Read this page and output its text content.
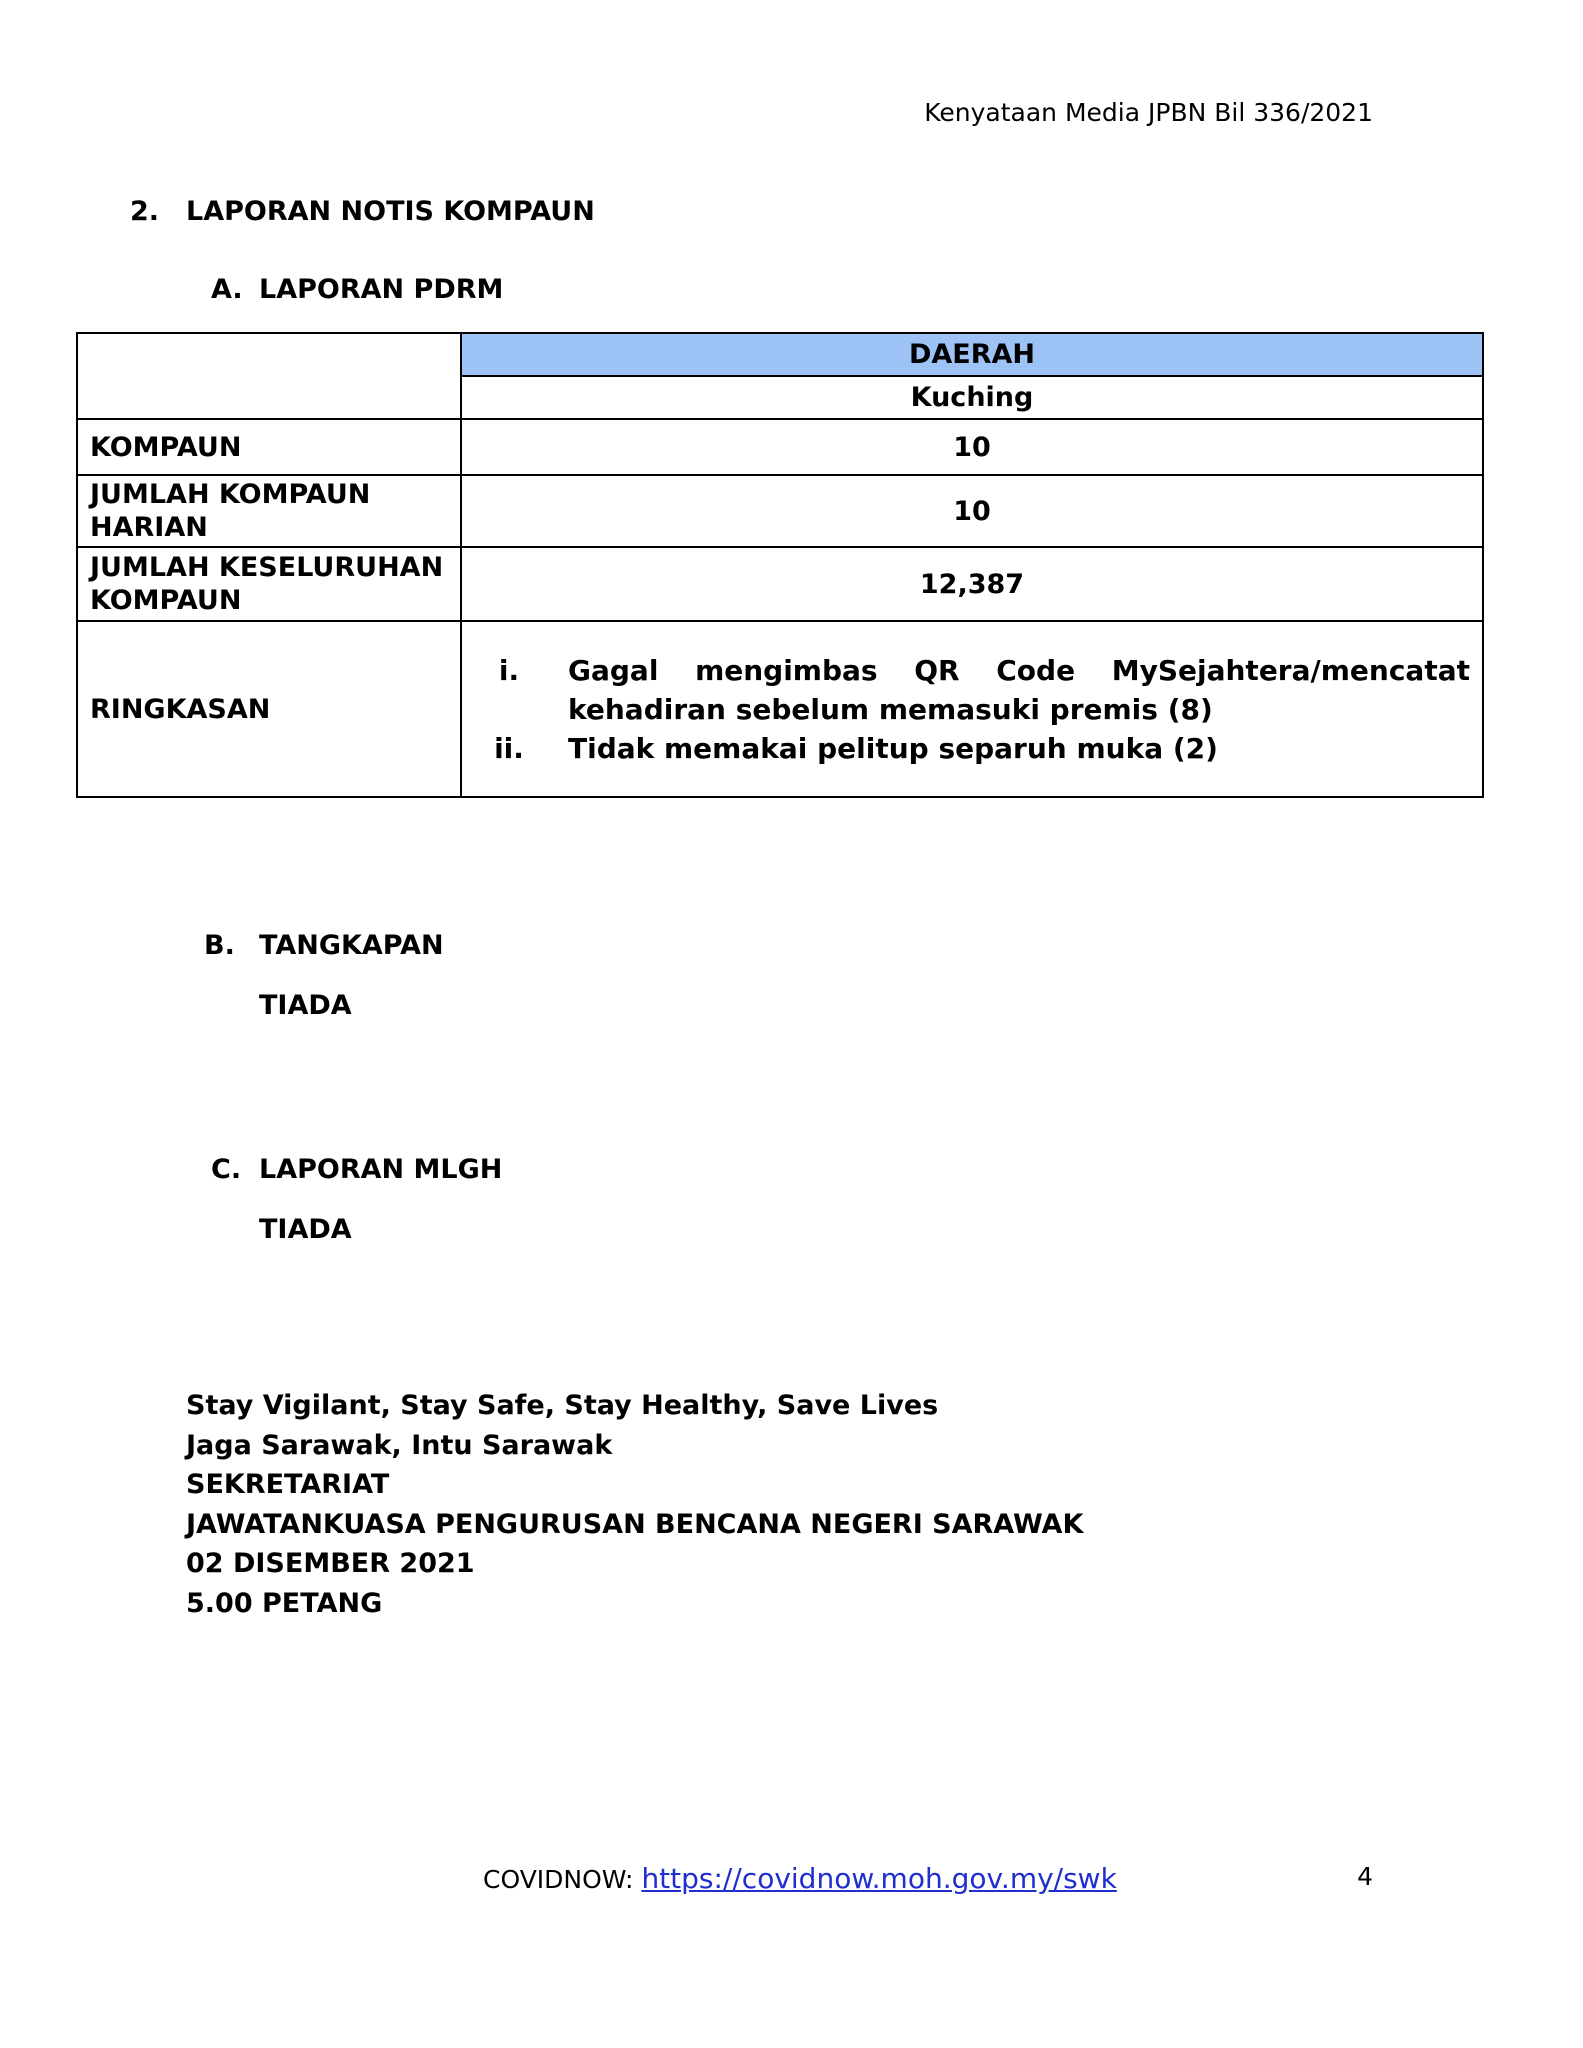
Kenyataan Media JPBN Bil 336/2021
2. LAPORAN NOTIS KOMPAUN
A. LAPORAN PDRM
	DAERAH
	Kuching
KOMPAUN	10
JUMLAH KOMPAUN HARIAN	10
JUMLAH KESELURUHAN KOMPAUN	12,387
RINGKASAN	i. Gagal mengimbas QR Code MySejahtera/mencatat kehadiran sebelum memasuki premis (8)
ii. Tidak memakai pelitup separuh muka (2)
B. TANGKAPAN
TIADA
C. LAPORAN MLGH
TIADA
Stay Vigilant, Stay Safe, Stay Healthy, Save Lives
Jaga Sarawak, Intu Sarawak
SEKRETARIAT
JAWATANKUASA PENGURUSAN BENCANA NEGERI SARAWAK
02 DISEMBER 2021
5.00 PETANG
COVIDNOW: https://covidnow.moh.gov.my/swk	4
